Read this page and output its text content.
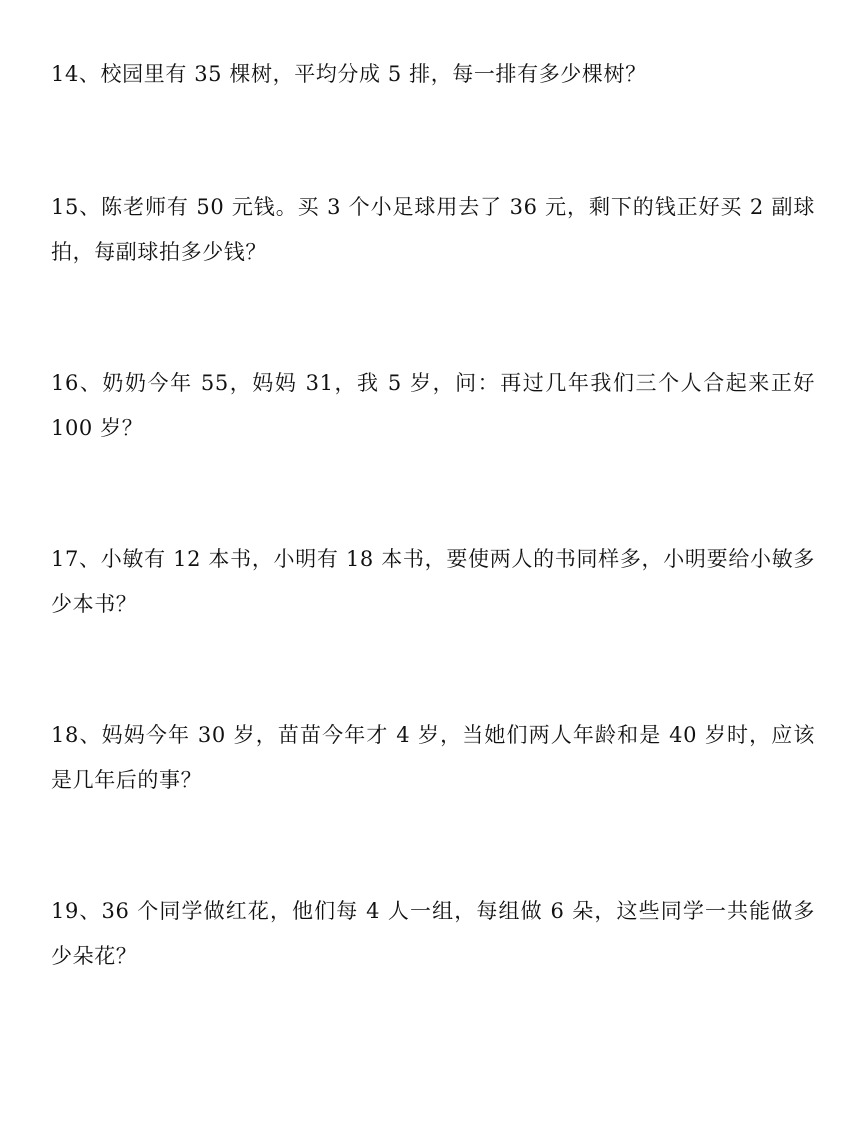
14、校园里有 35 棵树，平均分成 5 排，每一排有多少棵树？

15、陈老师有 50 元钱。买 3 个小足球用去了 36 元，剩下的钱正好买 2 副球拍，每副球拍多少钱？

16、奶奶今年 55，妈妈 31，我 5 岁，问：再过几年我们三个人合起来正好 100 岁？

17、小敏有 12 本书，小明有 18 本书，要使两人的书同样多，小明要给小敏多少本书？

18、妈妈今年 30 岁，苗苗今年才 4 岁，当她们两人年龄和是 40 岁时，应该是几年后的事？

19、36 个同学做红花，他们每 4 人一组，每组做 6 朵，这些同学一共能做多少朵花？
